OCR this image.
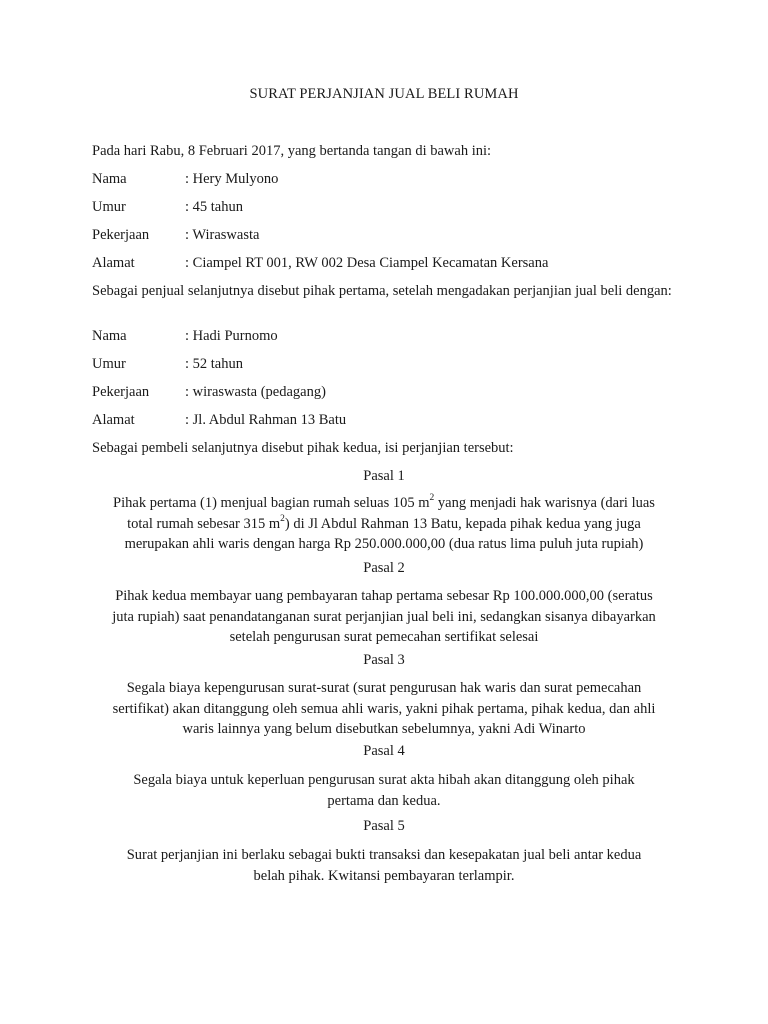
SURAT PERJANJIAN JUAL BELI RUMAH
Pada hari Rabu, 8 Februari 2017, yang bertanda tangan di bawah ini:
Nama	: Hery Mulyono
Umur	: 45 tahun
Pekerjaan : Wiraswasta
Alamat	: Ciampel RT 001, RW 002 Desa Ciampel Kecamatan Kersana
Sebagai penjual selanjutnya disebut pihak pertama, setelah mengadakan perjanjian jual beli dengan:
Nama	: Hadi Purnomo
Umur	: 52 tahun
Pekerjaan : wiraswasta (pedagang)
Alamat	: Jl. Abdul Rahman 13 Batu
Sebagai pembeli selanjutnya disebut pihak kedua, isi perjanjian tersebut:
Pasal 1
Pihak pertama (1) menjual bagian rumah seluas 105 $m^2$ yang menjadi hak warisnya (dari luas
total rumah sebesar 315 $m^2$) di Jl Abdul Rahman 13 Batu, kepada pihak kedua yang juga
merupakan ahli waris dengan harga Rp 250.000.000,00 (dua ratus lima puluh juta rupiah)
Pasal 2
Pihak kedua membayar uang pembayaran tahap pertama sebesar Rp 100.000.000,00 (seratus
juta rupiah) saat penandatanganan surat perjanjian jual beli ini, sedangkan sisanya dibayarkan
setelah pengurusan surat pemecahan sertifikat selesai
Pasal 3
Segala biaya kepengurusan surat-surat (surat pengurusan hak waris dan surat pemecahan
sertifikat) akan ditanggung oleh semua ahli waris, yakni pihak pertama, pihak kedua, dan ahli
waris lainnya yang belum disebutkan sebelumnya, yakni Adi Winarto
Pasal 4
Segala biaya untuk keperluan pengurusan surat akta hibah akan ditanggung oleh pihak
pertama dan kedua.
Pasal 5
Surat perjanjian ini berlaku sebagai bukti transaksi dan kesepakatan jual beli antar kedua
belah pihak. Kwitansi pembayaran terlampir.
